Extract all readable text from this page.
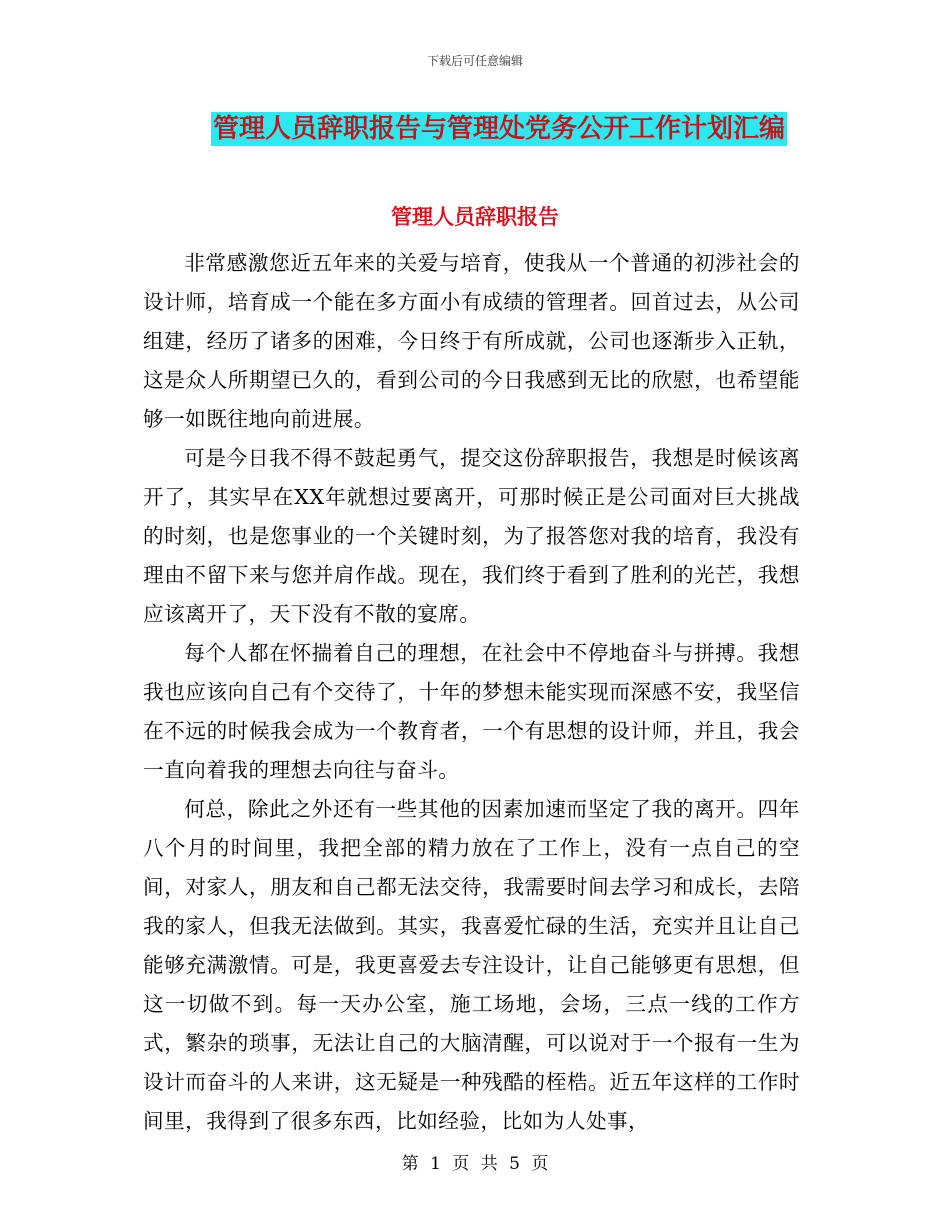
下载后可任意编辑
管理人员辞职报告与管理处党务公开工作计划汇编
管理人员辞职报告

非常感激您近五年来的关爱与培育，使我从一个普通的初涉社会的设计师，培育成一个能在多方面小有成绩的管理者。回首过去，从公司组建，经历了诸多的困难，今日终于有所成就，公司也逐渐步入正轨，这是众人所期望已久的，看到公司的今日我感到无比的欣慰，也希望能够一如既往地向前进展。

可是今日我不得不鼓起勇气，提交这份辞职报告，我想是时候该离开了，其实早在XX年就想过要离开，可那时候正是公司面对巨大挑战的时刻，也是您事业的一个关键时刻，为了报答您对我的培育，我没有理由不留下来与您并肩作战。现在，我们终于看到了胜利的光芒，我想应该离开了，天下没有不散的宴席。

每个人都在怀揣着自己的理想，在社会中不停地奋斗与拼搏。我想我也应该向自己有个交待了，十年的梦想未能实现而深感不安，我坚信在不远的时候我会成为一个教育者，一个有思想的设计师，并且，我会一直向着我的理想去向往与奋斗。

何总，除此之外还有一些其他的因素加速而坚定了我的离开。四年八个月的时间里，我把全部的精力放在了工作上，没有一点自己的空间，对家人，朋友和自己都无法交待，我需要时间去学习和成长，去陪我的家人，但我无法做到。其实，我喜爱忙碌的生活，充实并且让自己能够充满激情。可是，我更喜爱去专注设计，让自己能够更有思想，但这一切做不到。每一天办公室，施工场地，会场，三点一线的工作方式，繁杂的琐事，无法让自己的大脑清醒，可以说对于一个报有一生为设计而奋斗的人来讲，这无疑是一种残酷的桎梏。近五年这样的工作时间里，我得到了很多东西，比如经验，比如为人处事，

第 1 页 共 5 页
